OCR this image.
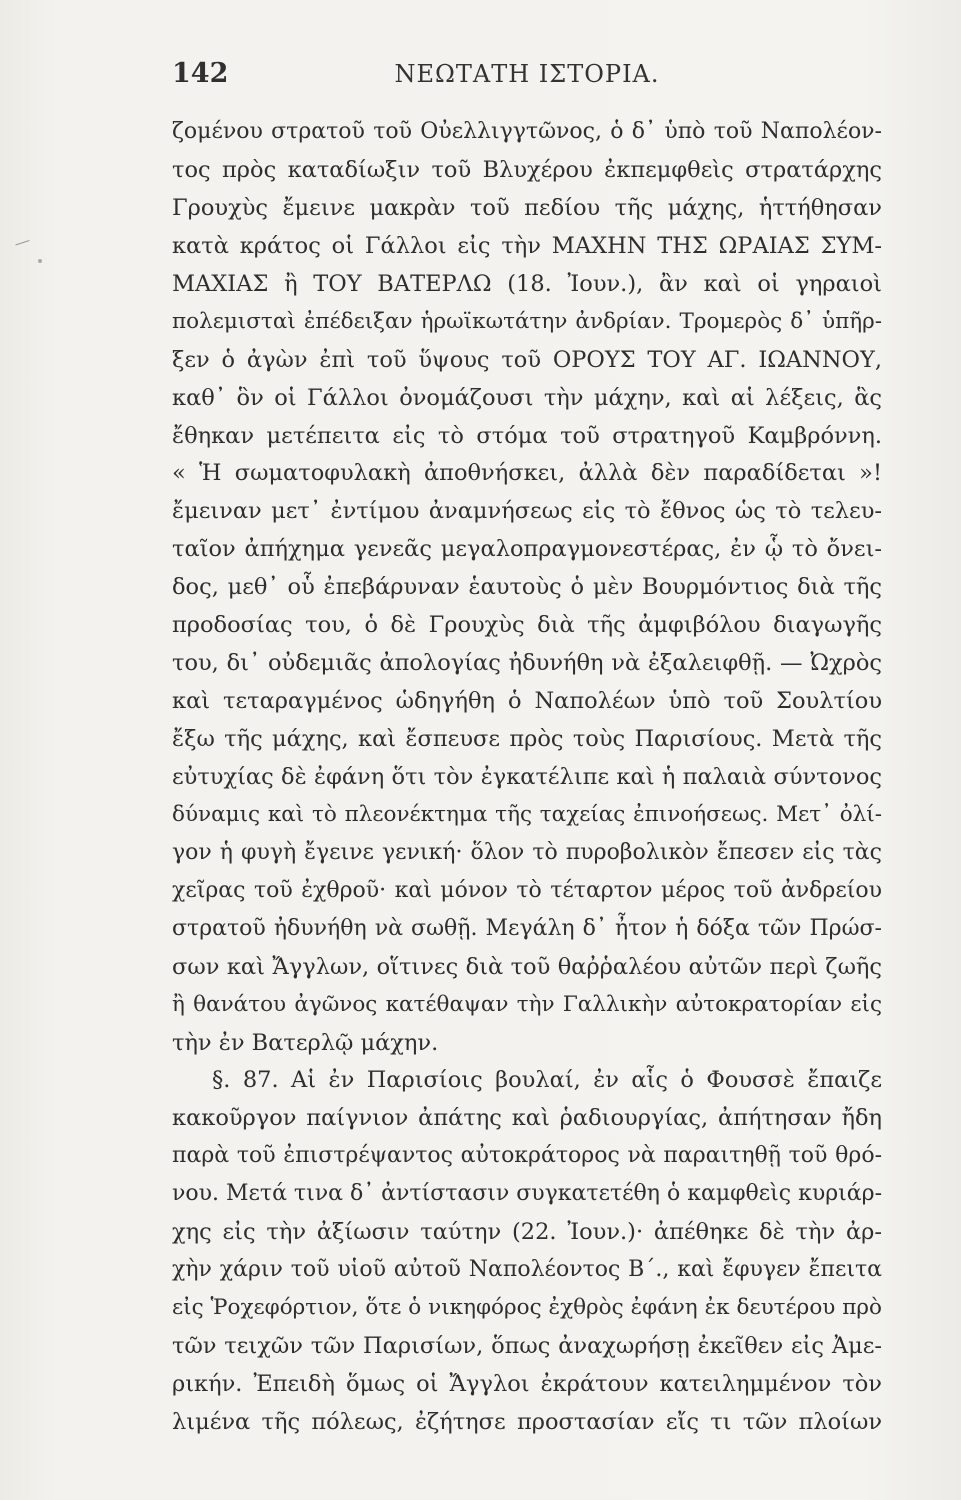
—
142	ΝΕΩΤΑΤΗ ΙΣΤΟΡΙΑ.
ζομένου στρατοῦ τοῦ Οὐελλιγγτῶνος, ὁ δ᾽ ὑπὸ τοῦ Ναπολέον-
τος πρὸς καταδίωξιν τοῦ Βλυχέρου ἐκπεμφθεὶς στρατάρχης
Γρουχὺς ἔμεινε μακρὰν τοῦ πεδίου τῆς μάχης, ἡττήθησαν
κατὰ κράτος οἱ Γάλλοι εἰς τὴν ΜΑΧΗΝ ΤΗΣ ΩΡΑΙΑΣ ΣΥΜ-
ΜΑΧΙΑΣ ἢ ΤΟΥ ΒΑΤΕΡΛΩ (18. Ἰουν.), ἂν καὶ οἱ γηραιοὶ
πολεμισταὶ ἐπέδειξαν ἡρωϊκωτάτην ἀνδρίαν. Τρομερὸς δ᾽ ὑπῆρ-
ξεν ὁ ἀγὼν ἐπὶ τοῦ ὕψους τοῦ ΟΡΟΥΣ ΤΟΥ ΑΓ. ΙΩΑΝΝΟΥ,
καθ᾽ ὃν οἱ Γάλλοι ὀνομάζουσι τὴν μάχην, καὶ αἱ λέξεις, ἃς
ἔθηκαν μετέπειτα εἰς τὸ στόμα τοῦ στρατηγοῦ Καμβρόννη.
« Ἡ σωματοφυλακὴ ἀποθνήσκει, ἀλλὰ δὲν παραδίδεται »!
ἔμειναν μετ᾽ ἐντίμου ἀναμνήσεως εἰς τὸ ἔθνος ὡς τὸ τελευ-
ταῖον ἀπήχημα γενεᾶς μεγαλοπραγμονεστέρας, ἐν ᾧ τὸ ὄνει-
δος, μεθ᾽ οὗ ἐπεβάρυναν ἑαυτοὺς ὁ μὲν Βουρμόντιος διὰ τῆς
προδοσίας του, ὁ δὲ Γρουχὺς διὰ τῆς ἀμφιβόλου διαγωγῆς
του, δι᾽ οὐδεμιᾶς ἀπολογίας ἠδυνήθη νὰ ἐξαλειφθῇ. — Ὠχρὸς
καὶ τεταραγμένος ὡδηγήθη ὁ Ναπολέων ὑπὸ τοῦ Σουλτίου
ἔξω τῆς μάχης, καὶ ἔσπευσε πρὸς τοὺς Παρισίους. Μετὰ τῆς
εὐτυχίας δὲ ἐφάνη ὅτι τὸν ἐγκατέλιπε καὶ ἡ παλαιὰ σύντονος
δύναμις καὶ τὸ πλεονέκτημα τῆς ταχείας ἐπινοήσεως. Μετ᾽ ὀλί-
γον ἡ φυγὴ ἔγεινε γενική· ὅλον τὸ πυροβολικὸν ἔπεσεν εἰς τὰς
χεῖρας τοῦ ἐχθροῦ· καὶ μόνον τὸ τέταρτον μέρος τοῦ ἀνδρείου
στρατοῦ ἠδυνήθη νὰ σωθῇ. Μεγάλη δ᾽ ἦτον ἡ δόξα τῶν Πρώσ-
σων καὶ Ἄγγλων, οἵτινες διὰ τοῦ θαῤῥαλέου αὐτῶν περὶ ζωῆς
ἢ θανάτου ἀγῶνος κατέθαψαν τὴν Γαλλικὴν αὐτοκρατορίαν εἰς
τὴν ἐν Βατερλῷ μάχην.
§. 87. Αἱ ἐν Παρισίοις βουλαί, ἐν αἷς ὁ Φουσσὲ ἔπαιζε
κακοῦργον παίγνιον ἀπάτης καὶ ῥαδιουργίας, ἀπήτησαν ἤδη
παρὰ τοῦ ἐπιστρέψαντος αὐτοκράτορος νὰ παραιτηθῇ τοῦ θρό-
νου. Μετά τινα δ᾽ ἀντίστασιν συγκατετέθη ὁ καμφθεὶς κυριάρ-
χης εἰς τὴν ἀξίωσιν ταύτην (22. Ἰουν.)· ἀπέθηκε δὲ τὴν ἀρ-
χὴν χάριν τοῦ υἱοῦ αὐτοῦ Ναπολέοντος Β΄., καὶ ἔφυγεν ἔπειτα
εἰς Ῥοχεφόρτιον, ὅτε ὁ νικηφόρος ἐχθρὸς ἐφάνη ἐκ δευτέρου πρὸ
τῶν τειχῶν τῶν Παρισίων, ὅπως ἀναχωρήσῃ ἐκεῖθεν εἰς Ἀμε-
ρικήν. Ἐπειδὴ ὅμως οἱ Ἄγγλοι ἐκράτουν κατειλημμένον τὸν
λιμένα τῆς πόλεως, ἐζήτησε προστασίαν εἴς τι τῶν πλοίων
